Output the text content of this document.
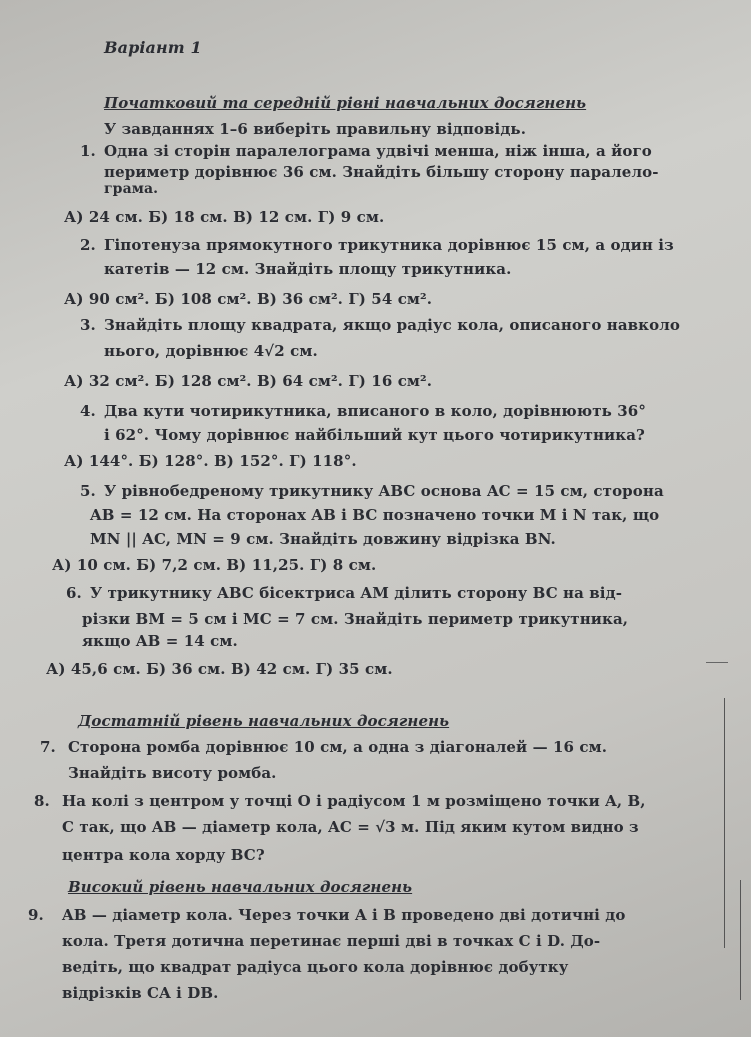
Варіант 1
Початковий та середній рівні навчальних досягнень
У завданнях 1–6 виберіть правильну відповідь.
1. Одна зі сторін паралелограма удвічі менша, ніж інша, а його
периметр дорівнює 36 см. Знайдіть більшу сторону паралело-
грама.
А) 24 см. Б) 18 см. В) 12 см. Г) 9 см.
2. Гіпотенуза прямокутного трикутника дорівнює 15 см, а один із
катетів — 12 см. Знайдіть площу трикутника.
А) 90 см². Б) 108 см². В) 36 см². Г) 54 см².
3. Знайдіть площу квадрата, якщо радіус кола, описаного навколо
нього, дорівнює 4√2 см.
А) 32 см². Б) 128 см². В) 64 см². Г) 16 см².
4. Два кути чотирикутника, вписаного в коло, дорівнюють 36°
і 62°. Чому дорівнює найбільший кут цього чотирикутника?
А) 144°. Б) 128°. В) 152°. Г) 118°.
5. У рівнобедреному трикутнику ABC основа AC = 15 см, сторона
AB = 12 см. На сторонах AB і BC позначено точки M і N так, що
MN || AC, MN = 9 см. Знайдіть довжину відрізка BN.
А) 10 см. Б) 7,2 см. В) 11,25. Г) 8 см.
6. У трикутнику ABC бісектриса AM ділить сторону BC на від-
різки BM = 5 см і MC = 7 см. Знайдіть периметр трикутника,
якщо AB = 14 см.
А) 45,6 см. Б) 36 см. В) 42 см. Г) 35 см.
Достатній рівень навчальних досягнень
7. Сторона ромба дорівнює 10 см, а одна з діагоналей — 16 см.
Знайдіть висоту ромба.
8. На колі з центром у точці O і радіусом 1 м розміщено точки A, B,
C так, що AB — діаметр кола, AC = √3 м. Під яким кутом видно з
центра кола хорду BC?
Високий рівень навчальних досягнень
9. AB — діаметр кола. Через точки A і B проведено дві дотичні до
кола. Третя дотична перетинає перші дві в точках C і D. До-
ведіть, що квадрат радіуса цього кола дорівнює добутку
відрізків CA і DB.
